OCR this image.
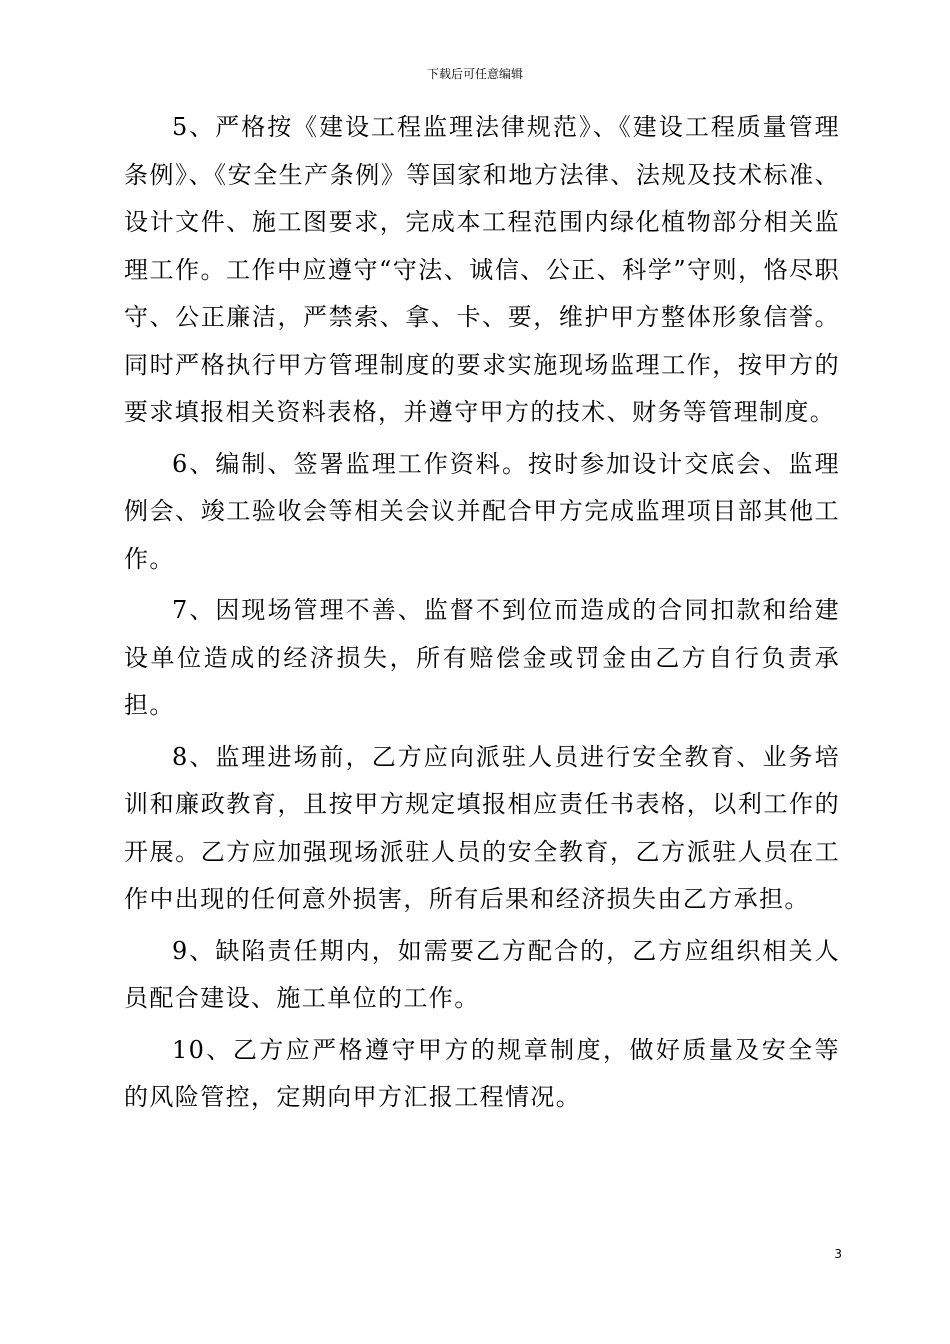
下载后可任意编辑

5、严格按《建设工程监理法律规范》、《建设工程质量管理条例》、《安全生产条例》等国家和地方法律、法规及技术标准、设计文件、施工图要求，完成本工程范围内绿化植物部分相关监理工作。工作中应遵守“守法、诚信、公正、科学”守则，恪尽职守、公正廉洁，严禁索、拿、卡、要，维护甲方整体形象信誉。同时严格执行甲方管理制度的要求实施现场监理工作，按甲方的要求填报相关资料表格，并遵守甲方的技术、财务等管理制度。

6、编制、签署监理工作资料。按时参加设计交底会、监理例会、竣工验收会等相关会议并配合甲方完成监理项目部其他工作。

7、因现场管理不善、监督不到位而造成的合同扣款和给建设单位造成的经济损失，所有赔偿金或罚金由乙方自行负责承担。

8、监理进场前，乙方应向派驻人员进行安全教育、业务培训和廉政教育，且按甲方规定填报相应责任书表格，以利工作的开展。乙方应加强现场派驻人员的安全教育，乙方派驻人员在工作中出现的任何意外损害，所有后果和经济损失由乙方承担。

9、缺陷责任期内，如需要乙方配合的，乙方应组织相关人员配合建设、施工单位的工作。

10、乙方应严格遵守甲方的规章制度，做好质量及安全等的风险管控，定期向甲方汇报工程情况。

3
